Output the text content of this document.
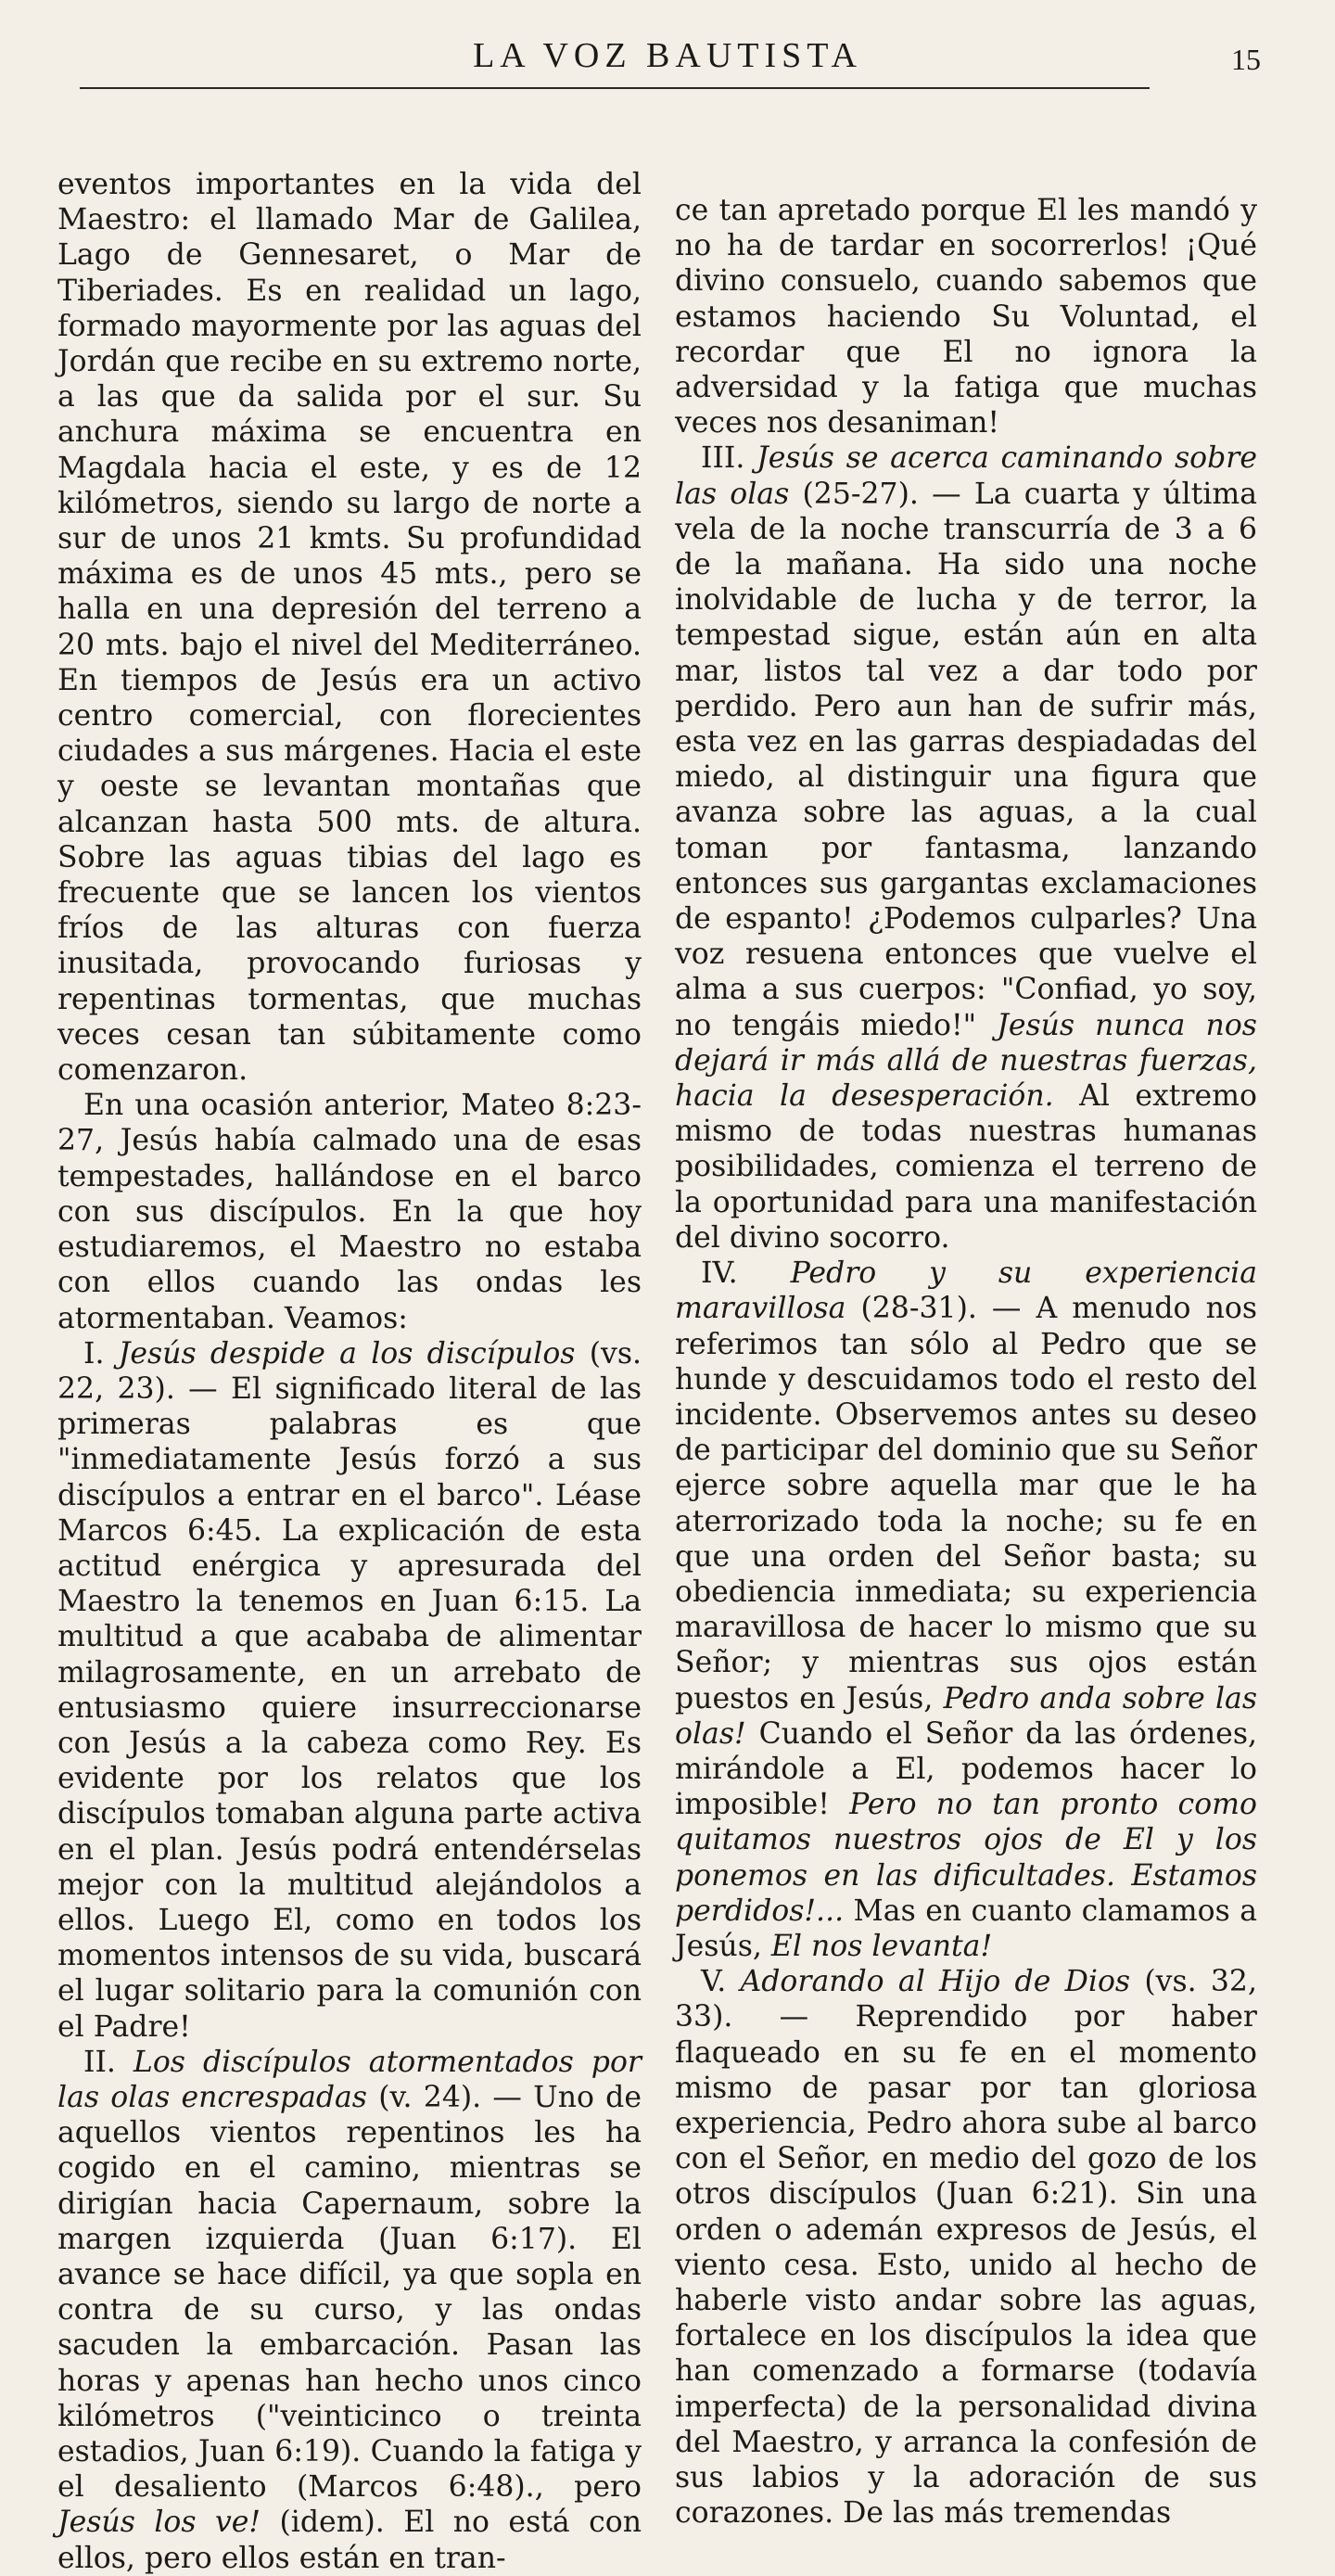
LA VOZ BAUTISTA	15

eventos importantes en la vida del Maestro: el llamado Mar de Galilea, Lago de Gennesaret, o Mar de Tiberiades. Es en realidad un lago, formado mayormente por las aguas del Jordán que recibe en su extremo norte, a las que da salida por el sur. Su anchura máxima se encuentra en Magdala hacia el este, y es de 12 kilómetros, siendo su largo de norte a sur de unos 21 kmts. Su profundidad máxima es de unos 45 mts., pero se halla en una depresión del terreno a 20 mts. bajo el nivel del Mediterráneo. En tiempos de Jesús era un activo centro comercial, con florecientes ciudades a sus márgenes. Hacia el este y oeste se levantan montañas que alcanzan hasta 500 mts. de altura. Sobre las aguas tibias del lago es frecuente que se lancen los vientos fríos de las alturas con fuerza inusitada, provocando furiosas y repentinas tormentas, que muchas veces cesan tan súbitamente como comenzaron.

En una ocasión anterior, Mateo 8:23-27, Jesús había calmado una de esas tempestades, hallándose en el barco con sus discípulos. En la que hoy estudiaremos, el Maestro no estaba con ellos cuando las ondas les atormentaban. Veamos:

I. Jesús despide a los discípulos (vs. 22, 23). — El significado literal de las primeras palabras es que "inmediatamente Jesús forzó a sus discípulos a entrar en el barco". Léase Marcos 6:45. La explicación de esta actitud enérgica y apresurada del Maestro la tenemos en Juan 6:15. La multitud a que acababa de alimentar milagrosamente, en un arrebato de entusiasmo quiere insurreccionarse con Jesús a la cabeza como Rey. Es evidente por los relatos que los discípulos tomaban alguna parte activa en el plan. Jesús podrá entendérselas mejor con la multitud alejándolos a ellos. Luego El, como en todos los momentos intensos de su vida, buscará el lugar solitario para la comunión con el Padre!

II. Los discípulos atormentados por las olas encrespadas (v. 24). — Uno de aquellos vientos repentinos les ha cogido en el camino, mientras se dirigían hacia Capernaum, sobre la margen izquierda (Juan 6:17). El avance se hace difícil, ya que sopla en contra de su curso, y las ondas sacuden la embarcación. Pasan las horas y apenas han hecho unos cinco kilómetros ("veinticinco o treinta estadios, Juan 6:19). Cuando la fatiga y el desaliento (Marcos 6:48)., pero Jesús los ve! (idem). El no está con ellos, pero ellos están en tran-

ce tan apretado porque El les mandó y no ha de tardar en socorrerlos! ¡Qué divino consuelo, cuando sabemos que estamos haciendo Su Voluntad, el recordar que El no ignora la adversidad y la fatiga que muchas veces nos desaniman!

III. Jesús se acerca caminando sobre las olas (25-27). — La cuarta y última vela de la noche transcurría de 3 a 6 de la mañana. Ha sido una noche inolvidable de lucha y de terror, la tempestad sigue, están aún en alta mar, listos tal vez a dar todo por perdido. Pero aun han de sufrir más, esta vez en las garras despiadadas del miedo, al distinguir una figura que avanza sobre las aguas, a la cual toman por fantasma, lanzando entonces sus gargantas exclamaciones de espanto! ¿Podemos culparles? Una voz resuena entonces que vuelve el alma a sus cuerpos: "Confiad, yo soy, no tengáis miedo!" Jesús nunca nos dejará ir más allá de nuestras fuerzas, hacia la desesperación. Al extremo mismo de todas nuestras humanas posibilidades, comienza el terreno de la oportunidad para una manifestación del divino socorro.

IV. Pedro y su experiencia maravillosa (28-31). — A menudo nos referimos tan sólo al Pedro que se hunde y descuidamos todo el resto del incidente. Observemos antes su deseo de participar del dominio que su Señor ejerce sobre aquella mar que le ha aterrorizado toda la noche; su fe en que una orden del Señor basta; su obediencia inmediata; su experiencia maravillosa de hacer lo mismo que su Señor; y mientras sus ojos están puestos en Jesús, Pedro anda sobre las olas! Cuando el Señor da las órdenes, mirándole a El, podemos hacer lo imposible! Pero no tan pronto como quitamos nuestros ojos de El y los ponemos en las dificultades. Estamos perdidos!... Mas en cuanto clamamos a Jesús, El nos levanta!

V. Adorando al Hijo de Dios (vs. 32, 33). — Reprendido por haber flaqueado en su fe en el momento mismo de pasar por tan gloriosa experiencia, Pedro ahora sube al barco con el Señor, en medio del gozo de los otros discípulos (Juan 6:21). Sin una orden o ademán expresos de Jesús, el viento cesa. Esto, unido al hecho de haberle visto andar sobre las aguas, fortalece en los discípulos la idea que han comenzado a formarse (todavía imperfecta) de la personalidad divina del Maestro, y arranca la confesión de sus labios y la adoración de sus corazones. De las más tremendas
